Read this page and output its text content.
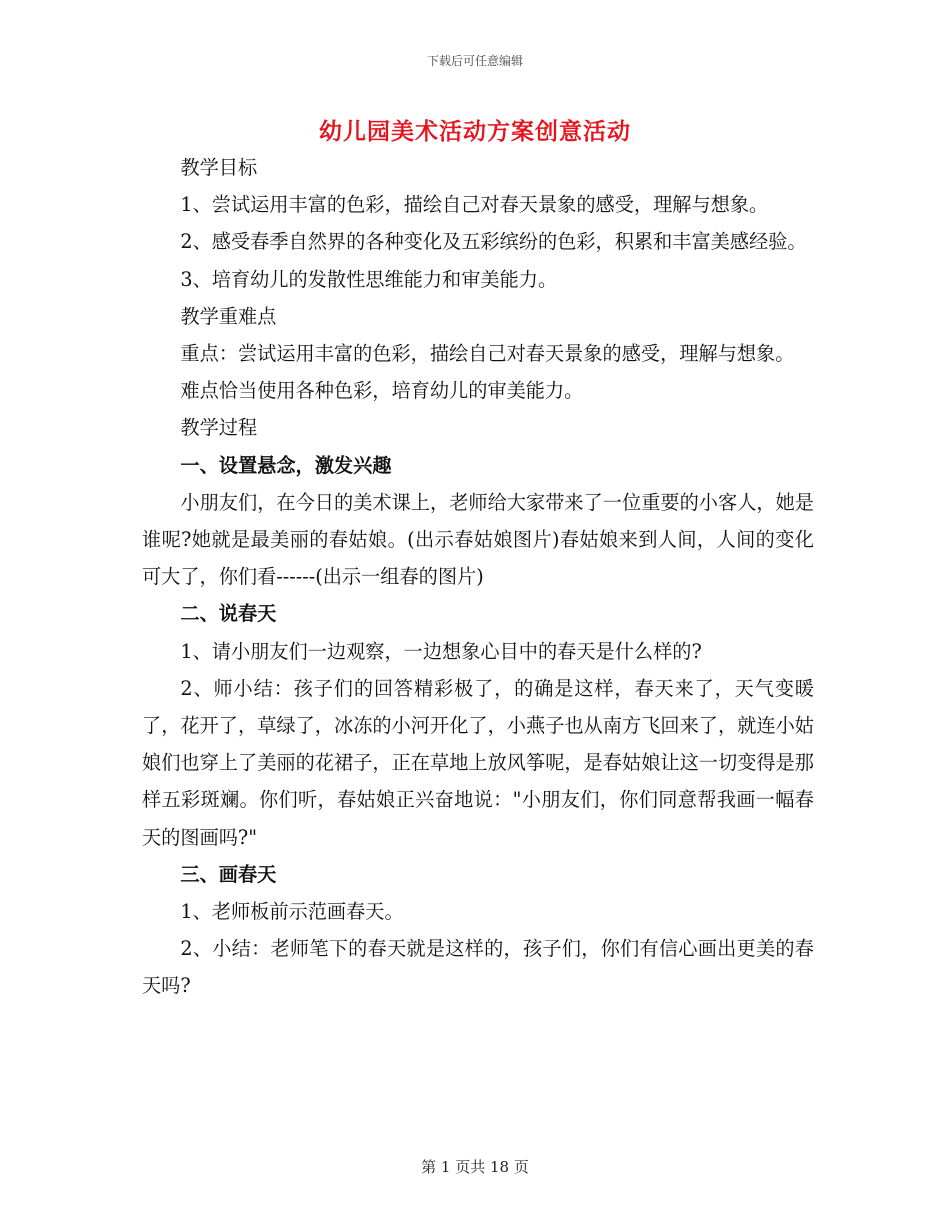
下载后可任意编辑
幼儿园美术活动方案创意活动

教学目标

1、尝试运用丰富的色彩，描绘自己对春天景象的感受，理解与想象。

2、感受春季自然界的各种变化及五彩缤纷的色彩，积累和丰富美感经验。

3、培育幼儿的发散性思维能力和审美能力。

教学重难点

重点：尝试运用丰富的色彩，描绘自己对春天景象的感受，理解与想象。

难点恰当使用各种色彩，培育幼儿的审美能力。

教学过程

一、设置悬念，激发兴趣

小朋友们，在今日的美术课上，老师给大家带来了一位重要的小客人，她是谁呢?她就是最美丽的春姑娘。(出示春姑娘图片)春姑娘来到人间，人间的变化可大了，你们看------(出示一组春的图片)

二、说春天

1、请小朋友们一边观察，一边想象心目中的春天是什么样的?

2、师小结：孩子们的回答精彩极了，的确是这样，春天来了，天气变暖了，花开了，草绿了，冰冻的小河开化了，小燕子也从南方飞回来了，就连小姑娘们也穿上了美丽的花裙子，正在草地上放风筝呢，是春姑娘让这一切变得是那样五彩斑斓。你们听，春姑娘正兴奋地说："小朋友们，你们同意帮我画一幅春天的图画吗?"

三、画春天

1、老师板前示范画春天。

2、小结：老师笔下的春天就是这样的，孩子们，你们有信心画出更美的春天吗?

第 1 页共 18 页
